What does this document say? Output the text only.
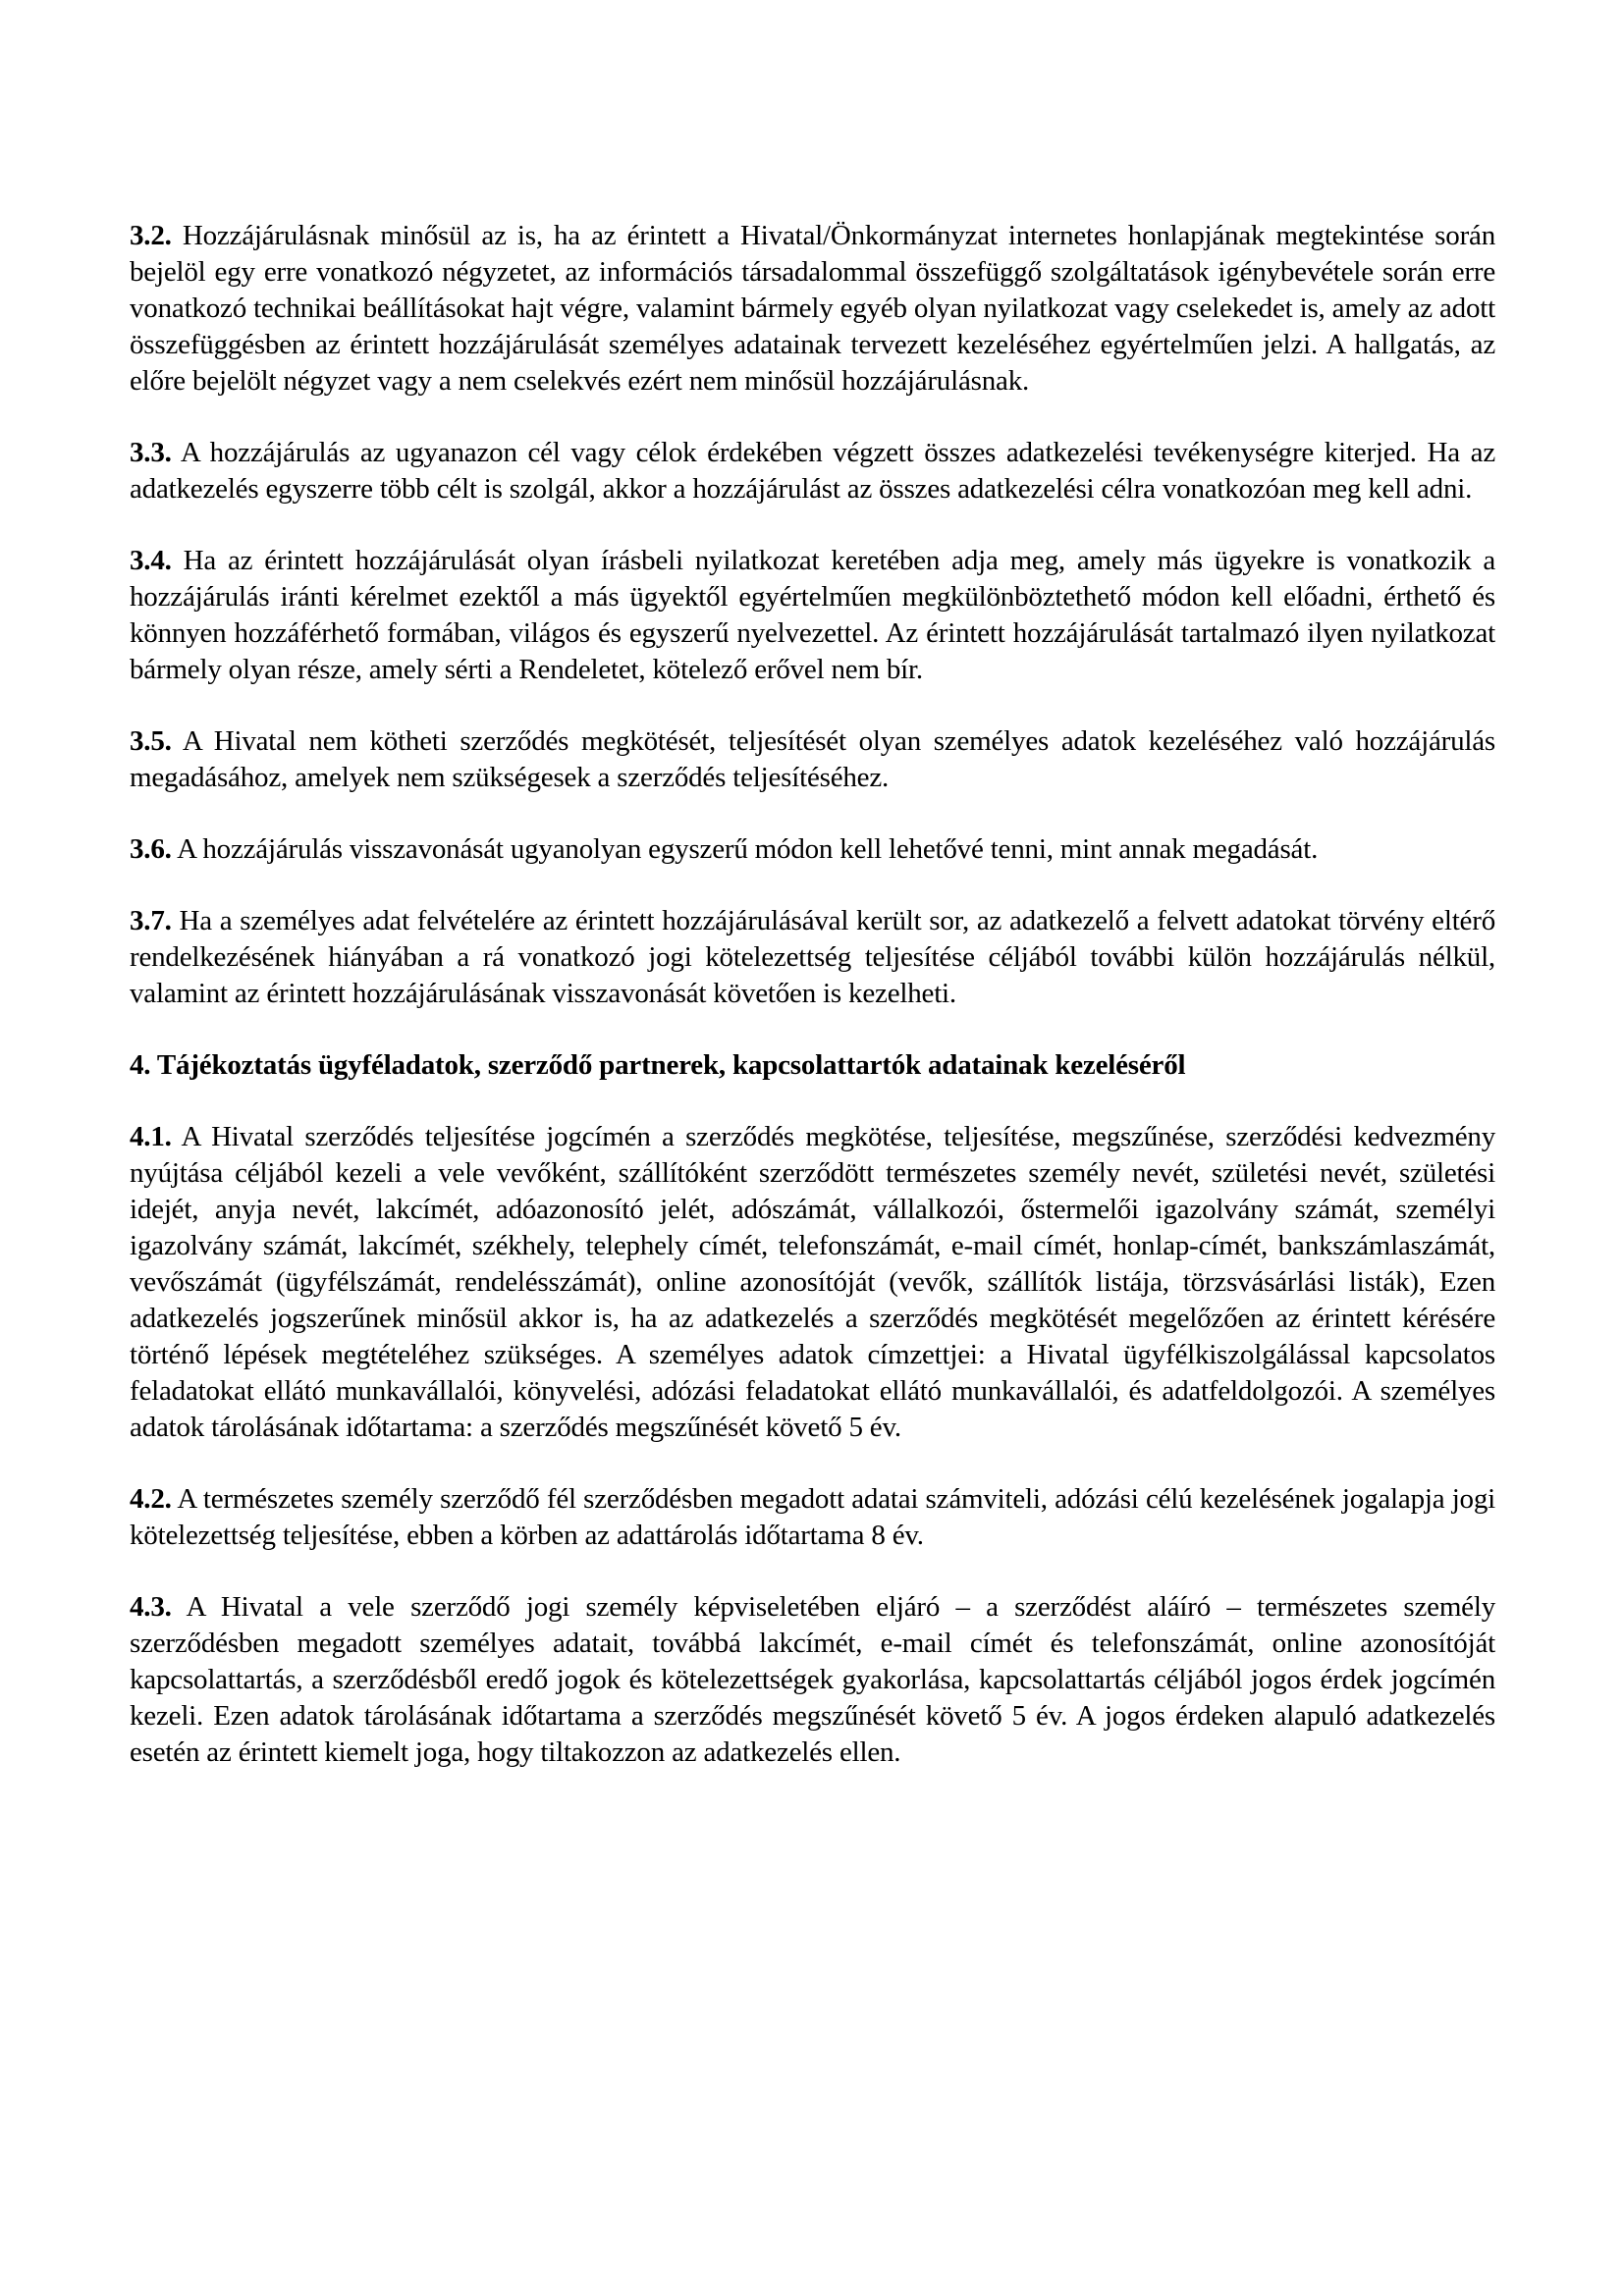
3.2. Hozzájárulásnak minősül az is, ha az érintett a Hivatal/Önkormányzat internetes honlapjának megtekintése során bejelöl egy erre vonatkozó négyzetet, az információs társadalommal összefüggő szolgáltatások igénybevétele során erre vonatkozó technikai beállításokat hajt végre, valamint bármely egyéb olyan nyilatkozat vagy cselekedet is, amely az adott összefüggésben az érintett hozzájárulását személyes adatainak tervezett kezeléséhez egyértelműen jelzi. A hallgatás, az előre bejelölt négyzet vagy a nem cselekvés ezért nem minősül hozzájárulásnak.

3.3. A hozzájárulás az ugyanazon cél vagy célok érdekében végzett összes adatkezelési tevékenységre kiterjed. Ha az adatkezelés egyszerre több célt is szolgál, akkor a hozzájárulást az összes adatkezelési célra vonatkozóan meg kell adni.

3.4. Ha az érintett hozzájárulását olyan írásbeli nyilatkozat keretében adja meg, amely más ügyekre is vonatkozik a hozzájárulás iránti kérelmet ezektől a más ügyektől egyértelműen megkülönböztethető módon kell előadni, érthető és könnyen hozzáférhető formában, világos és egyszerű nyelvezettel. Az érintett hozzájárulását tartalmazó ilyen nyilatkozat bármely olyan része, amely sérti a Rendeletet, kötelező erővel nem bír.

3.5. A Hivatal nem kötheti szerződés megkötését, teljesítését olyan személyes adatok kezeléséhez való hozzájárulás megadásához, amelyek nem szükségesek a szerződés teljesítéséhez.

3.6. A hozzájárulás visszavonását ugyanolyan egyszerű módon kell lehetővé tenni, mint annak megadását.

3.7. Ha a személyes adat felvételére az érintett hozzájárulásával került sor, az adatkezelő a felvett adatokat törvény eltérő rendelkezésének hiányában a rá vonatkozó jogi kötelezettség teljesítése céljából további külön hozzájárulás nélkül, valamint az érintett hozzájárulásának visszavonását követően is kezelheti.

4. Tájékoztatás ügyféladatok, szerződő partnerek, kapcsolattartók adatainak kezeléséről

4.1. A Hivatal szerződés teljesítése jogcímén a szerződés megkötése, teljesítése, megszűnése, szerződési kedvezmény nyújtása céljából kezeli a vele vevőként, szállítóként szerződött természetes személy nevét, születési nevét, születési idejét, anyja nevét, lakcímét, adóazonosító jelét, adószámát, vállalkozói, őstermelői igazolvány számát, személyi igazolvány számát, lakcímét, székhely, telephely címét, telefonszámát, e-mail címét, honlap-címét, bankszámlaszámát, vevőszámát (ügyfélszámát, rendelésszámát), online azonosítóját (vevők, szállítók listája, törzsvásárlási listák), Ezen adatkezelés jogszerűnek minősül akkor is, ha az adatkezelés a szerződés megkötését megelőzően az érintett kérésére történő lépések megtételéhez szükséges. A személyes adatok címzettjei: a Hivatal ügyfélkiszolgálással kapcsolatos feladatokat ellátó munkavállalói, könyvelési, adózási feladatokat ellátó munkavállalói, és adatfeldolgozói. A személyes adatok tárolásának időtartama: a szerződés megszűnését követő 5 év.

4.2. A természetes személy szerződő fél szerződésben megadott adatai számviteli, adózási célú kezelésének jogalapja jogi kötelezettség teljesítése, ebben a körben az adattárolás időtartama 8 év.

4.3. A Hivatal a vele szerződő jogi személy képviseletében eljáró – a szerződést aláíró – természetes személy szerződésben megadott személyes adatait, továbbá lakcímét, e-mail címét és telefonszámát, online azonosítóját kapcsolattartás, a szerződésből eredő jogok és kötelezettségek gyakorlása, kapcsolattartás céljából jogos érdek jogcímén kezeli. Ezen adatok tárolásának időtartama a szerződés megszűnését követő 5 év. A jogos érdeken alapuló adatkezelés esetén az érintett kiemelt joga, hogy tiltakozzon az adatkezelés ellen.
